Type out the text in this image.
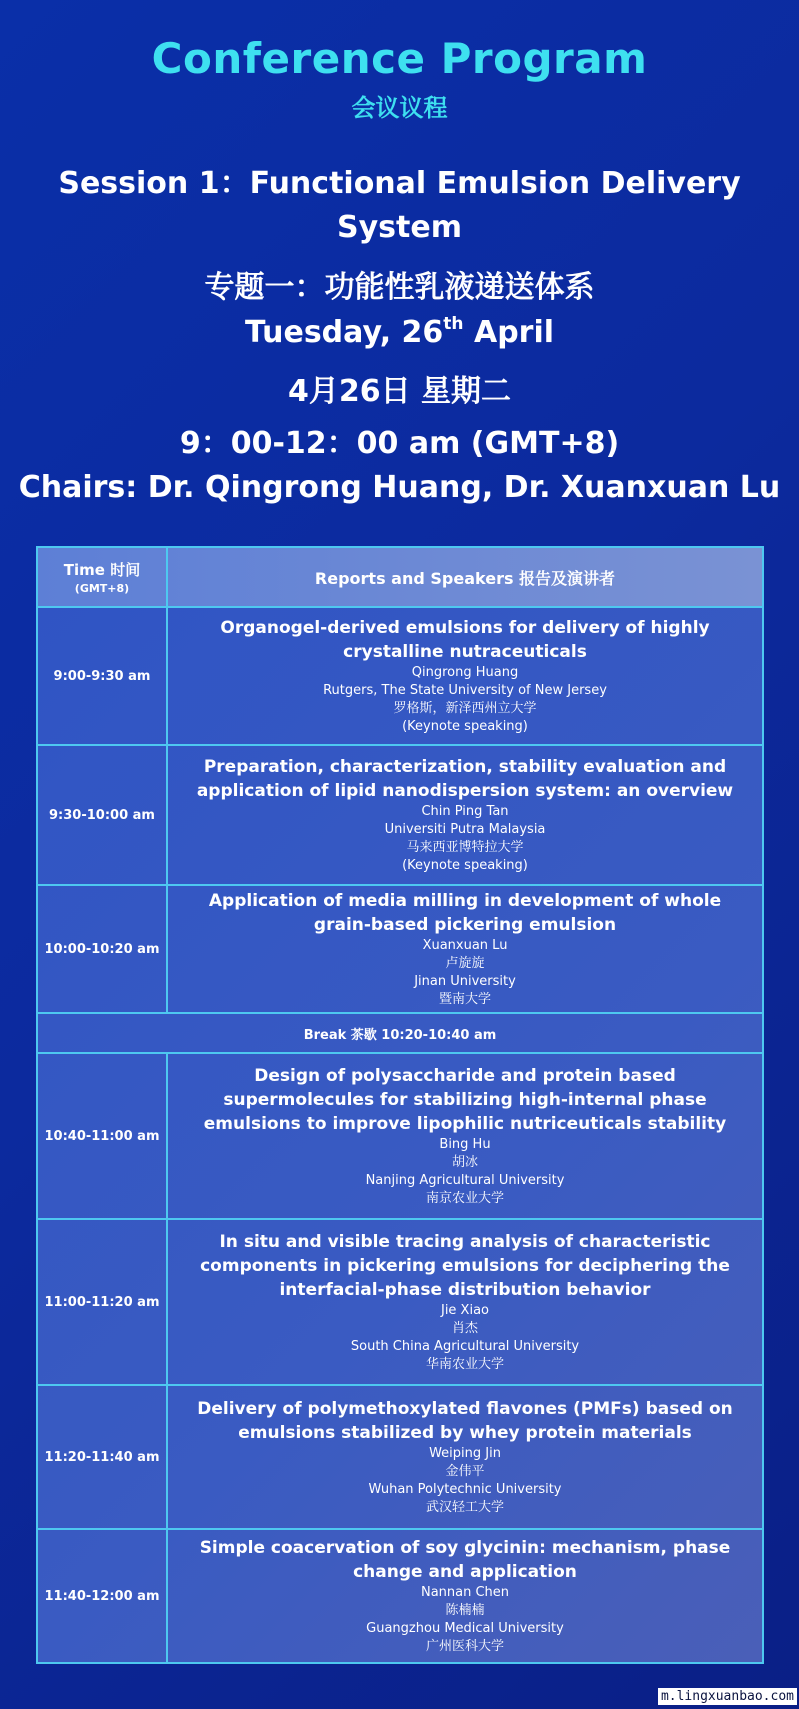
Conference Program
会议议程
Session 1：Functional Emulsion Delivery
System
专题一：功能性乳液递送体系
Tuesday, 26th April
4月26日 星期二
9：00-12：00 am (GMT+8)
Chairs: Dr. Qingrong Huang, Dr. Xuanxuan Lu
Time 时间
(GMT+8)
Reports and Speakers 报告及演讲者
9:00-9:30 am
Organogel-derived emulsions for delivery of highly crystalline nutraceuticals
Qingrong Huang
Rutgers, The State University of New Jersey
罗格斯，新泽西州立大学
(Keynote speaking)
9:30-10:00 am
Preparation, characterization, stability evaluation and application of lipid nanodispersion system: an overview
Chin Ping Tan
Universiti Putra Malaysia
马来西亚博特拉大学
(Keynote speaking)
10:00-10:20 am
Application of media milling in development of whole grain-based pickering emulsion
Xuanxuan Lu
卢旋旋
Jinan University
暨南大学
Break 茶歇 10:20-10:40 am
10:40-11:00 am
Design of polysaccharide and protein based supermolecules for stabilizing high-internal phase emulsions to improve lipophilic nutriceuticals stability
Bing Hu
胡冰
Nanjing Agricultural University
南京农业大学
11:00-11:20 am
In situ and visible tracing analysis of characteristic components in pickering emulsions for deciphering the interfacial-phase distribution behavior
Jie Xiao
肖杰
South China Agricultural University
华南农业大学
11:20-11:40 am
Delivery of polymethoxylated flavones (PMFs) based on emulsions stabilized by whey protein materials
Weiping Jin
金伟平
Wuhan Polytechnic University
武汉轻工大学
11:40-12:00 am
Simple coacervation of soy glycinin: mechanism, phase change and application
Nannan Chen
陈楠楠
Guangzhou Medical University
广州医科大学
m.lingxuanbao.com
